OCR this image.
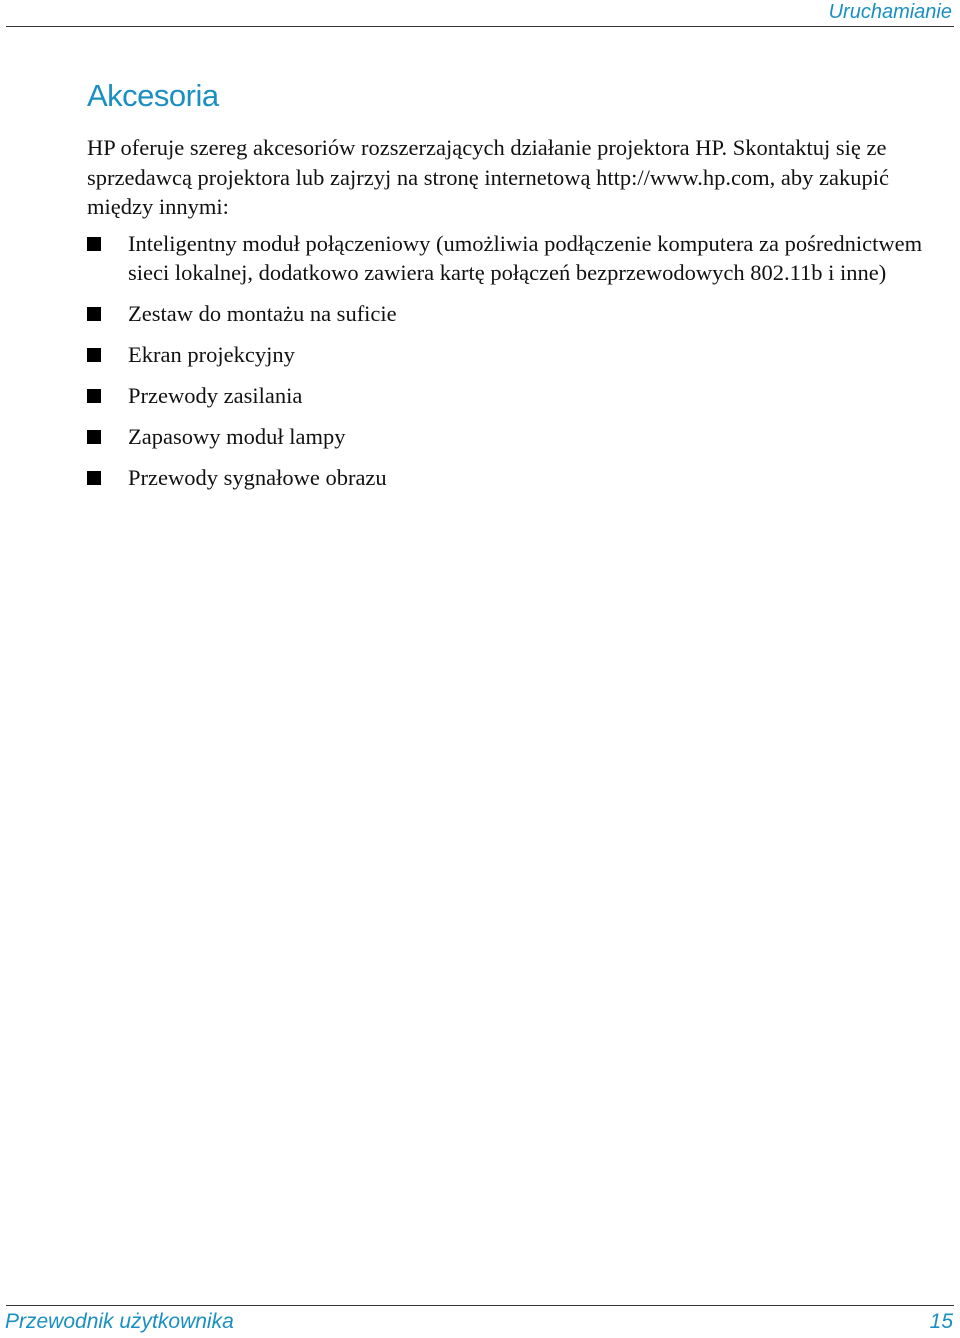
Uruchamianie
Akcesoria

HP oferuje szereg akcesoriów rozszerzających działanie projektora HP. Skontaktuj się ze sprzedawcą projektora lub zajrzyj na stronę internetową http://www.hp.com, aby zakupić między innymi:

Inteligentny moduł połączeniowy (umożliwia podłączenie komputera za pośrednictwem sieci lokalnej, dodatkowo zawiera kartę połączeń bezprzewodowych 802.11b i inne)
Zestaw do montażu na suficie
Ekran projekcyjny
Przewody zasilania
Zapasowy moduł lampy
Przewody sygnałowe obrazu
Przewodnik użytkownika	15
